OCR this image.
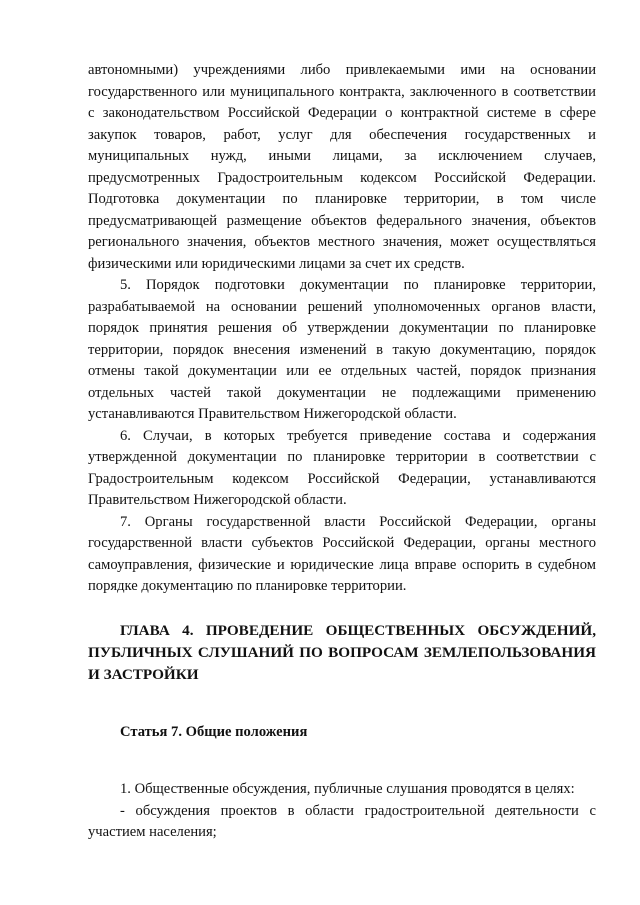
автономными) учреждениями либо привлекаемыми ими на основании государственного или муниципального контракта, заключенного в соответствии с законодательством Российской Федерации о контрактной системе в сфере закупок товаров, работ, услуг для обеспечения государственных и муниципальных нужд, иными лицами, за исключением случаев, предусмотренных Градостроительным кодексом Российской Федерации. Подготовка документации по планировке территории, в том числе предусматривающей размещение объектов федерального значения, объектов регионального значения, объектов местного значения, может осуществляться физическими или юридическими лицами за счет их средств.

5. Порядок подготовки документации по планировке территории, разрабатываемой на основании решений уполномоченных органов власти, порядок принятия решения об утверждении документации по планировке территории, порядок внесения изменений в такую документацию, порядок отмены такой документации или ее отдельных частей, порядок признания отдельных частей такой документации не подлежащими применению устанавливаются Правительством Нижегородской области.

6. Случаи, в которых требуется приведение состава и содержания утвержденной документации по планировке территории в соответствии с Градостроительным кодексом Российской Федерации, устанавливаются Правительством Нижегородской области.

7. Органы государственной власти Российской Федерации, органы государственной власти субъектов Российской Федерации, органы местного самоуправления, физические и юридические лица вправе оспорить в судебном порядке документацию по планировке территории.

ГЛАВА 4. ПРОВЕДЕНИЕ ОБЩЕСТВЕННЫХ ОБСУЖДЕНИЙ, ПУБЛИЧНЫХ СЛУШАНИЙ ПО ВОПРОСАМ ЗЕМЛЕПОЛЬЗОВАНИЯ И ЗАСТРОЙКИ

Статья 7. Общие положения

1. Общественные обсуждения, публичные слушания проводятся в целях:

- обсуждения проектов в области градостроительной деятельности с участием населения;
